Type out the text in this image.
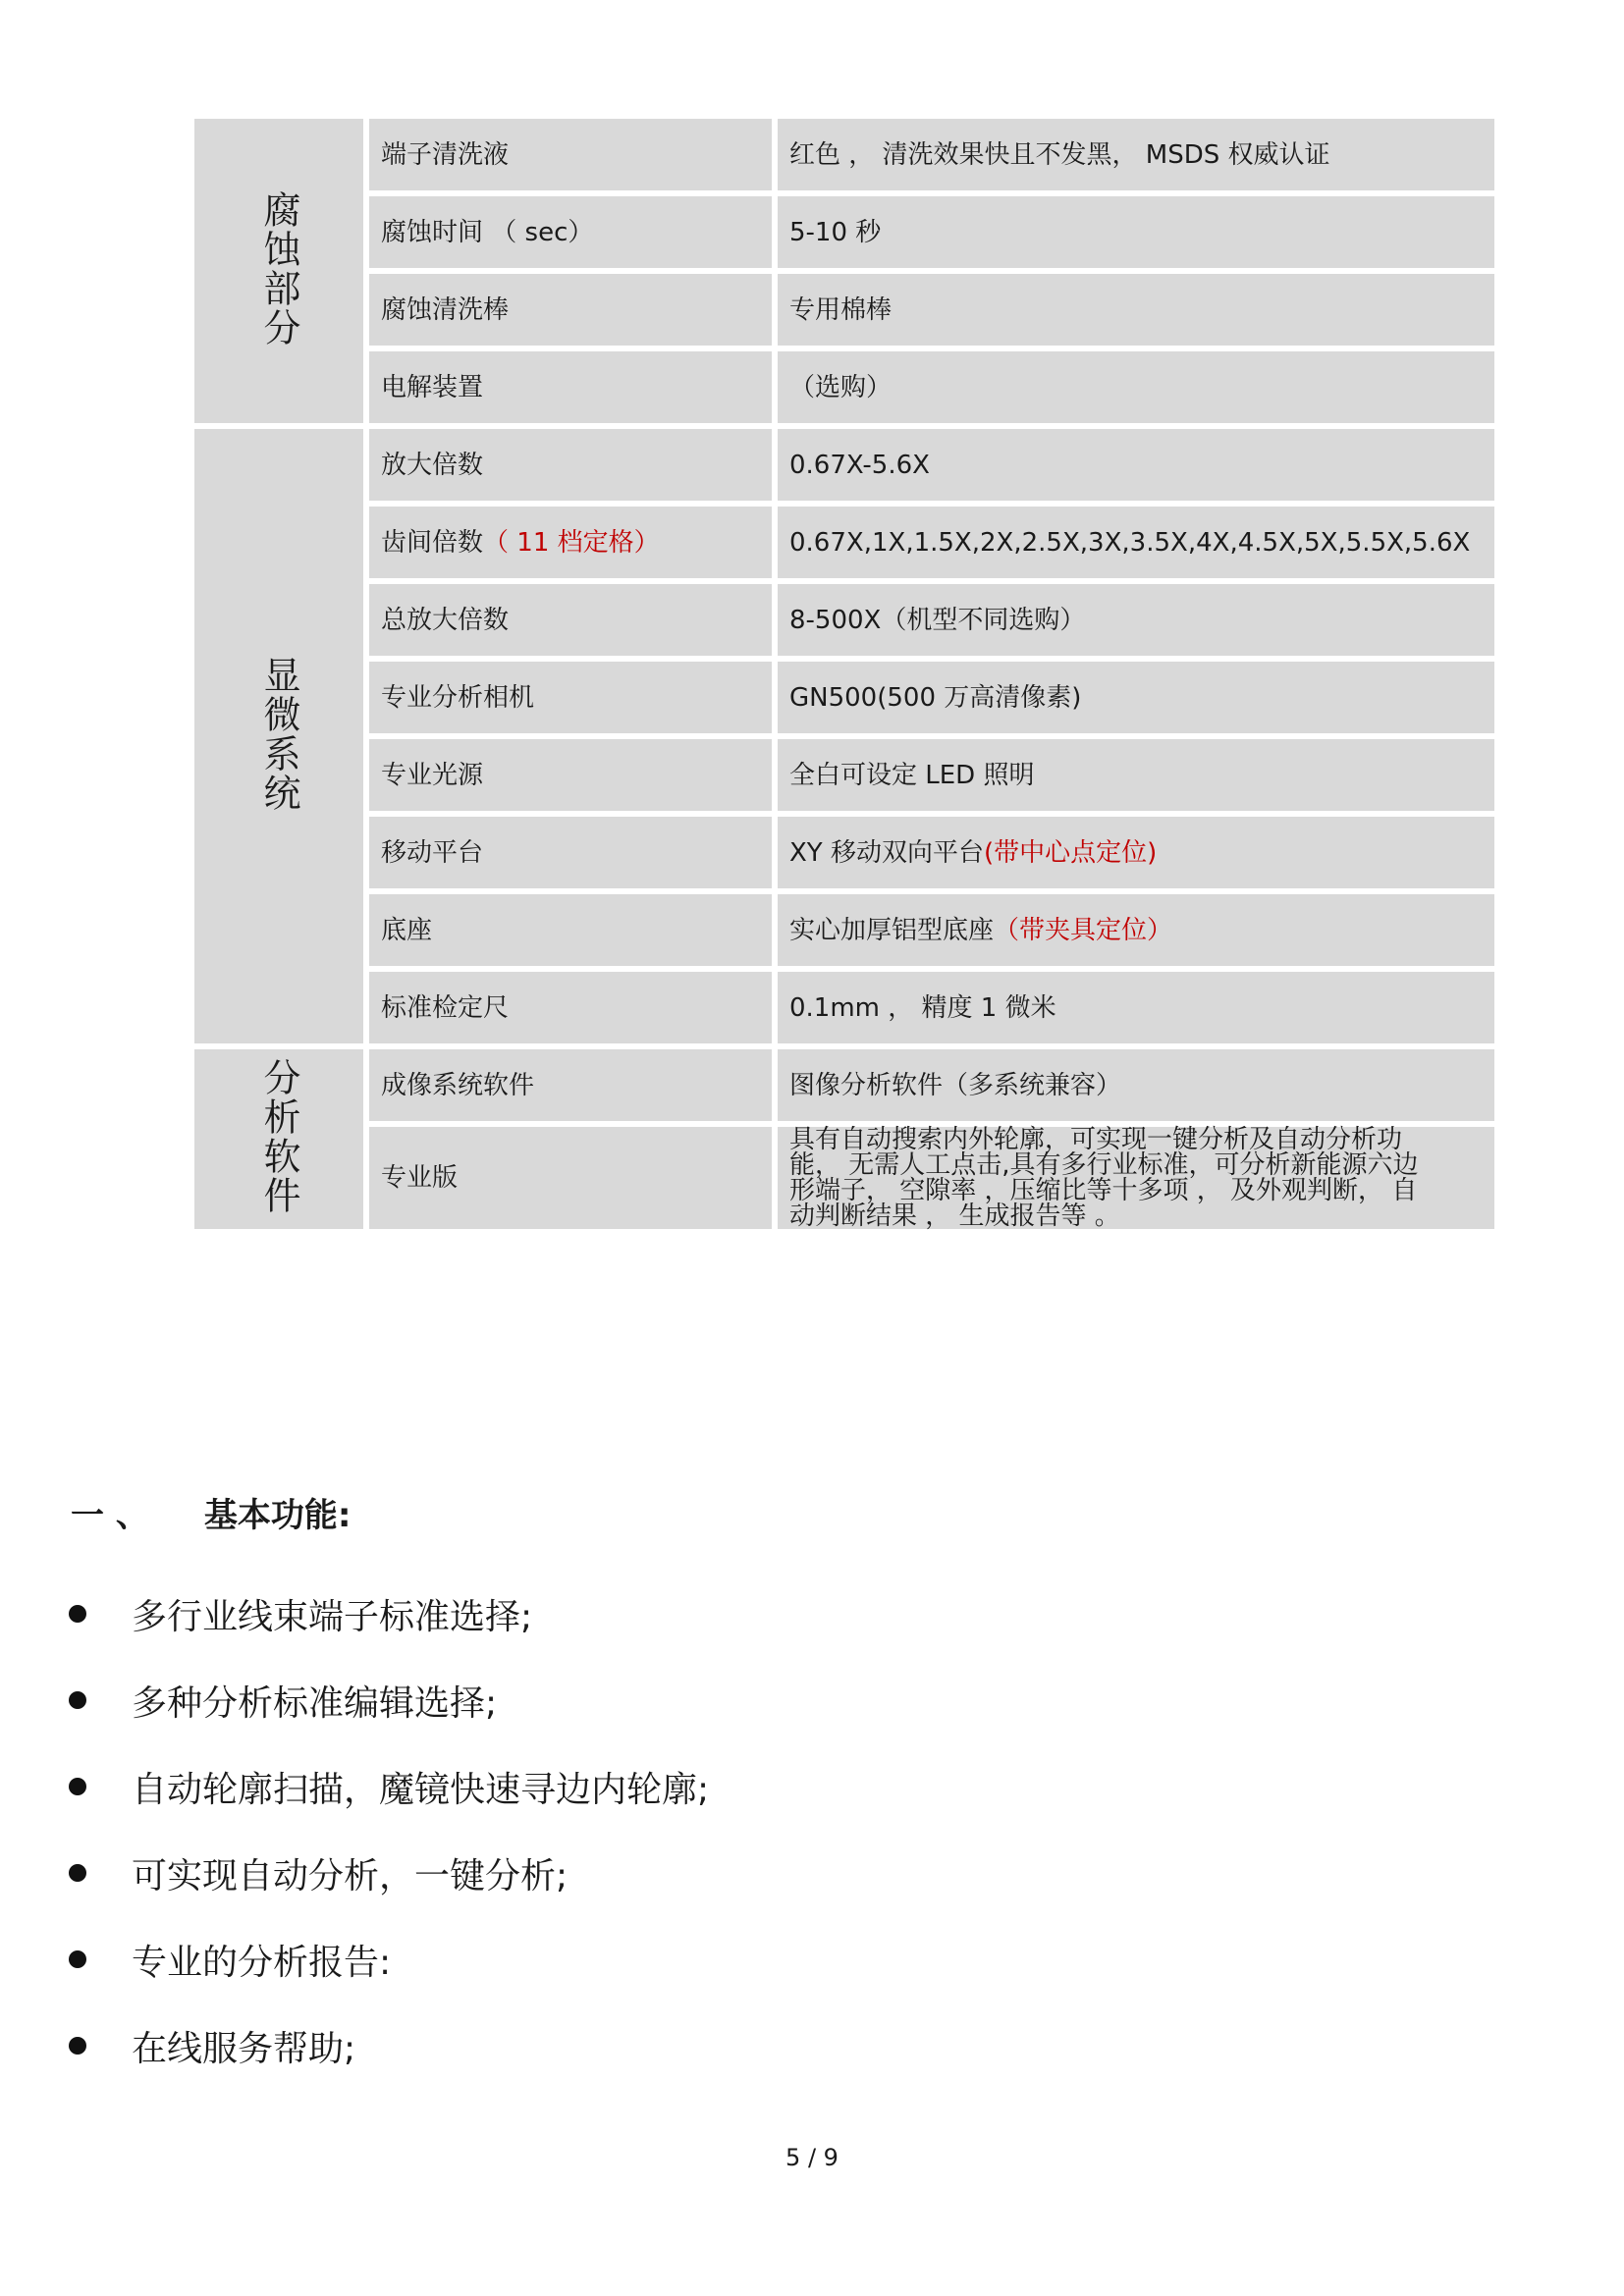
腐蚀部分	端子清洗液	红色 ， 清洗效果快且不发黑， MSDS 权威认证
	腐蚀时间 （ sec）	5-10 秒
	腐蚀清洗棒	专用棉棒
	电解装置	（选购）
显微系统	放大倍数	0.67X-5.6X
	齿间倍数（ 11 档定格）	0.67X,1X,1.5X,2X,2.5X,3X,3.5X,4X,4.5X,5X,5.5X,5.6X
	总放大倍数	8-500X（机型不同选购）
	专业分析相机	GN500(500 万高清像素)
	专业光源	全白可设定 LED 照明
	移动平台	XY 移动双向平台(带中心点定位)
	底座	实心加厚铝型底座（带夹具定位）
	标准检定尺	0.1mm ， 精度 1 微米
分析软件	成像系统软件	图像分析软件（多系统兼容）
	专业版	具有自动搜索内外轮廓，可实现一键分析及自动分析功
能， 无需人工点击,具有多行业标准，可分析新能源六边
形端子， 空隙率 ，压缩比等十多项 ， 及外观判断， 自
动判断结果 ， 生成报告等 。
一 、 基本功能:
多行业线束端子标准选择;
多种分析标准编辑选择;
自动轮廓扫描，魔镜快速寻边内轮廓;
可实现自动分析，一键分析;
专业的分析报告:
在线服务帮助;
5 / 9
